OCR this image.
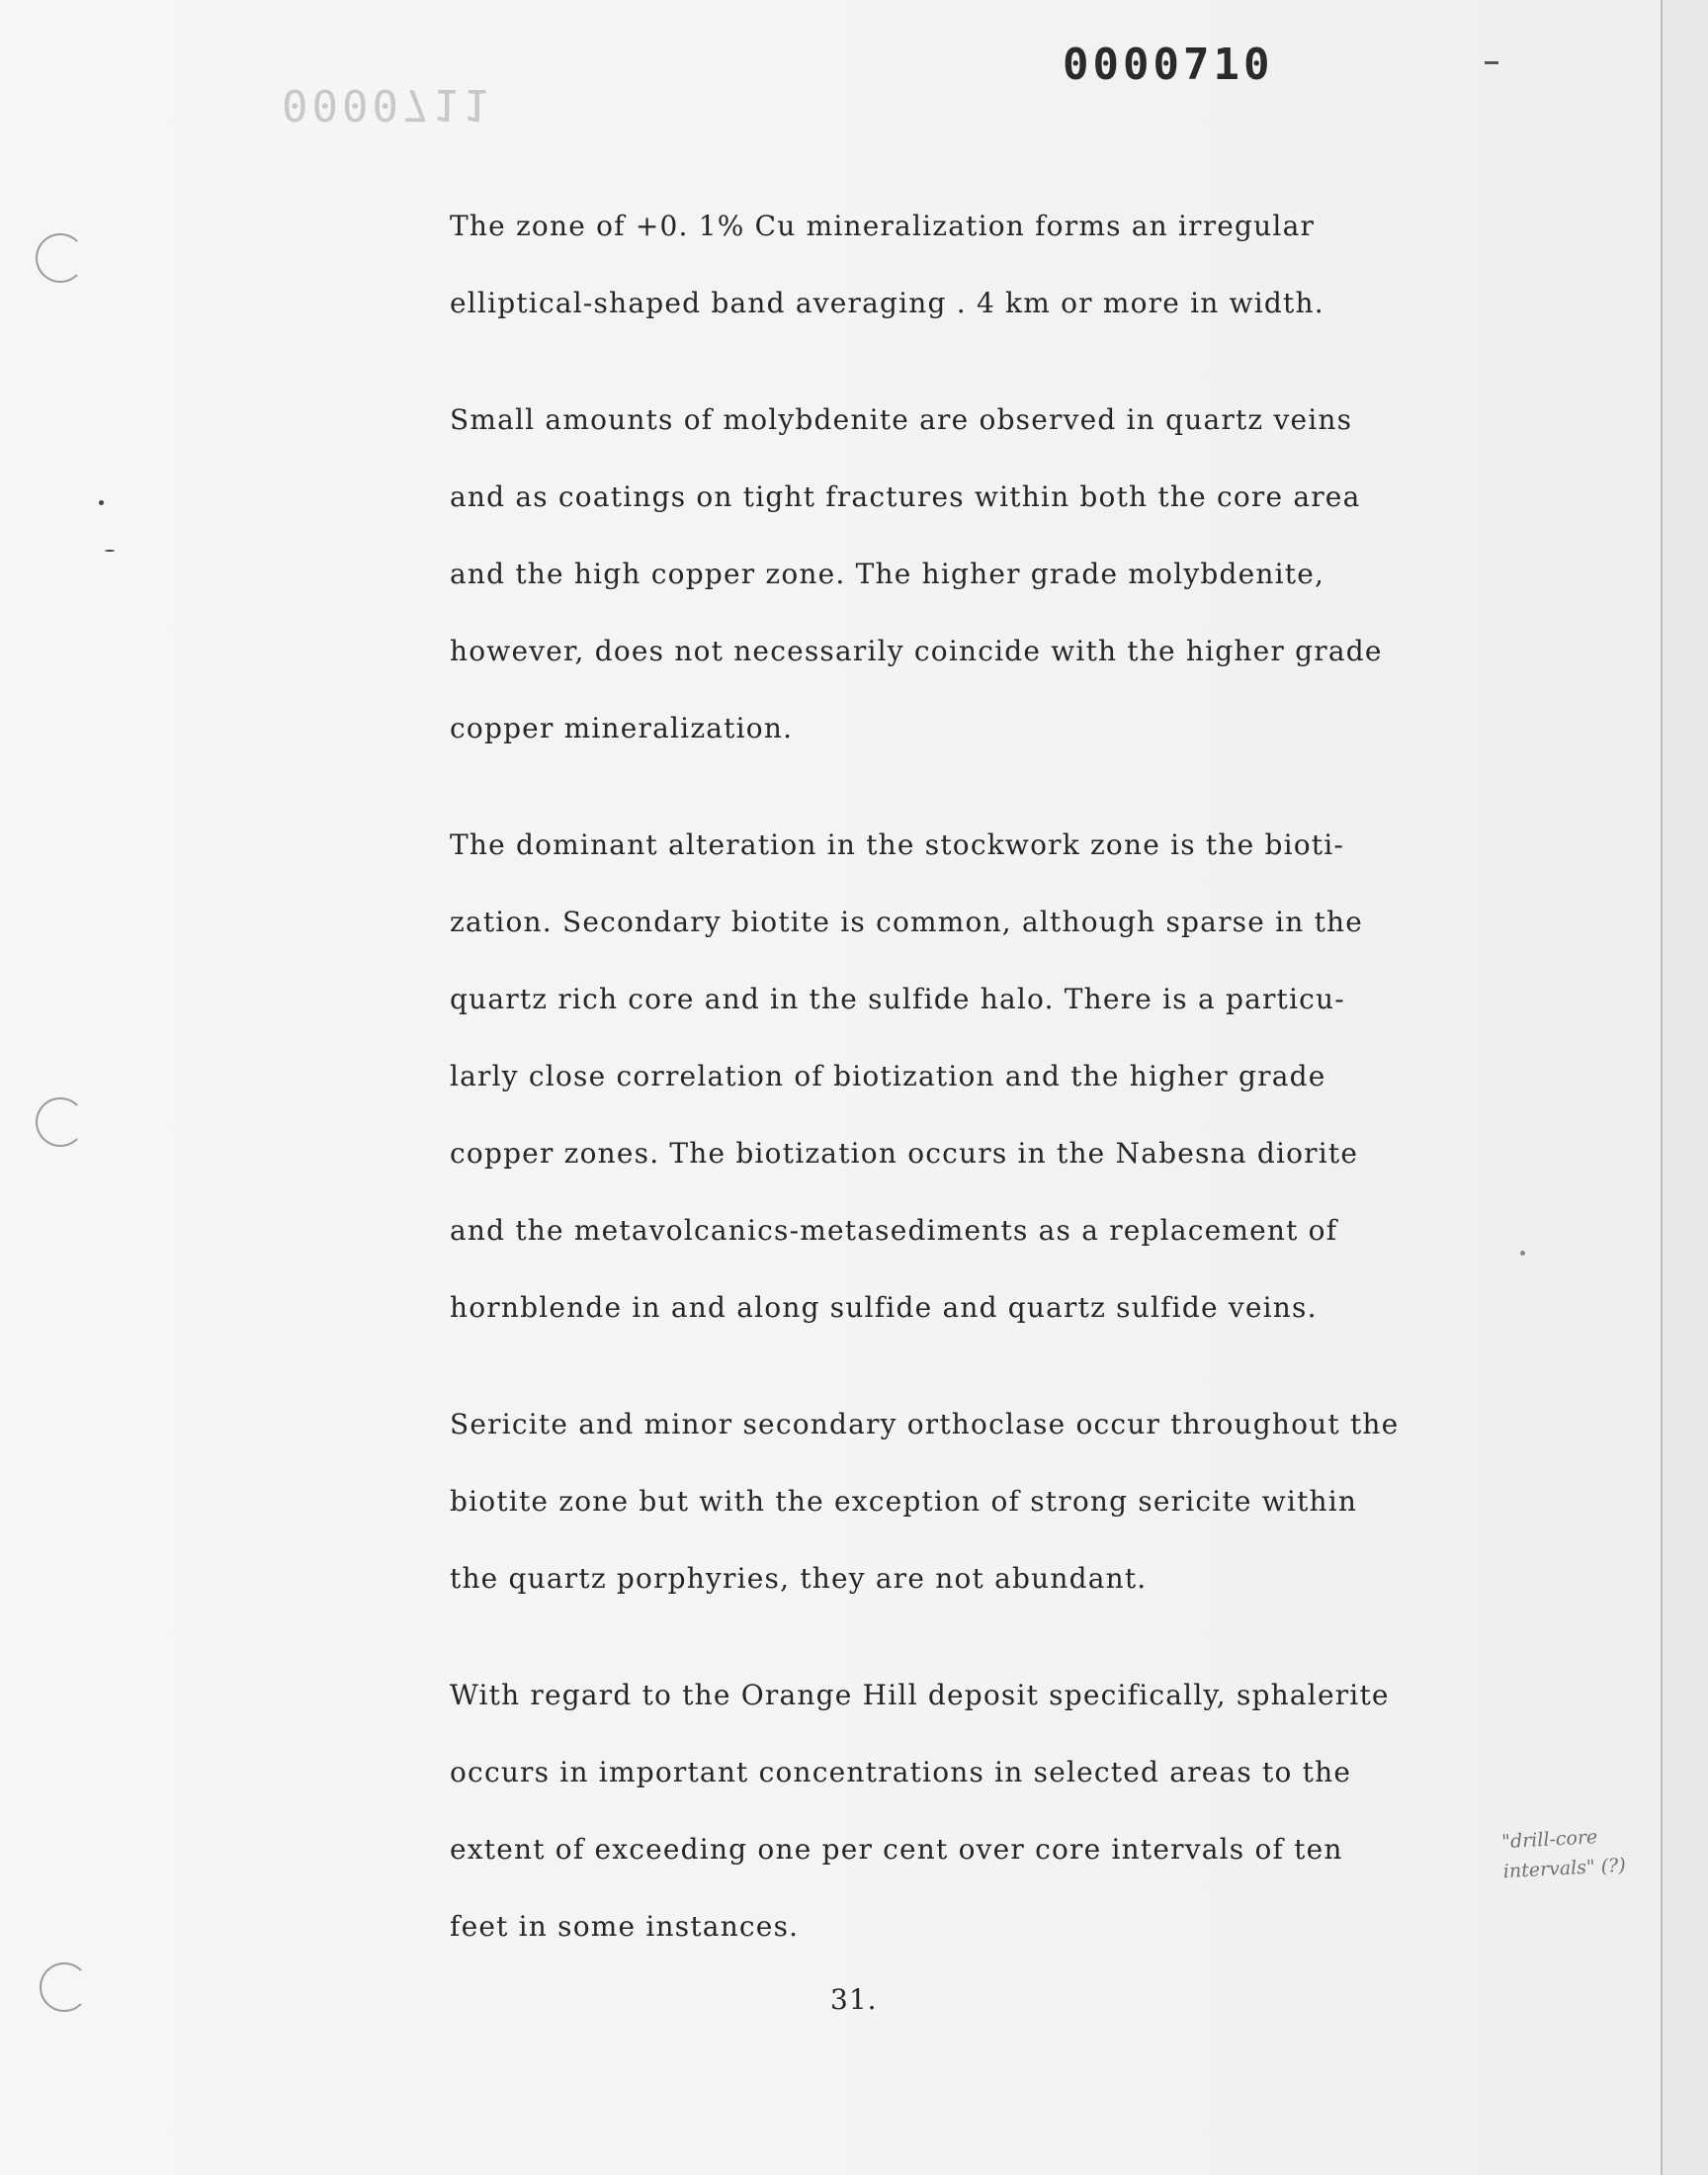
0000711
0000710
The zone of +0. 1% Cu mineralization forms an irregular
elliptical-shaped band averaging . 4 km or more in width.
Small amounts of molybdenite are observed in quartz veins
and as coatings on tight fractures within both the core area
and the high copper zone. The higher grade molybdenite,
however, does not necessarily coincide with the higher grade
copper mineralization.
The dominant alteration in the stockwork zone is the bioti-
zation. Secondary biotite is common, although sparse in the
quartz rich core and in the sulfide halo. There is a particu-
larly close correlation of biotization and the higher grade
copper zones. The biotization occurs in the Nabesna diorite
and the metavolcanics-metasediments as a replacement of
hornblende in and along sulfide and quartz sulfide veins.
Sericite and minor secondary orthoclase occur throughout the
biotite zone but with the exception of strong sericite within
the quartz porphyries, they are not abundant.
With regard to the Orange Hill deposit specifically, sphalerite
occurs in important concentrations in selected areas to the
extent of exceeding one per cent over core intervals of ten
feet in some instances.
"drill-core
intervals" (?)
31.
